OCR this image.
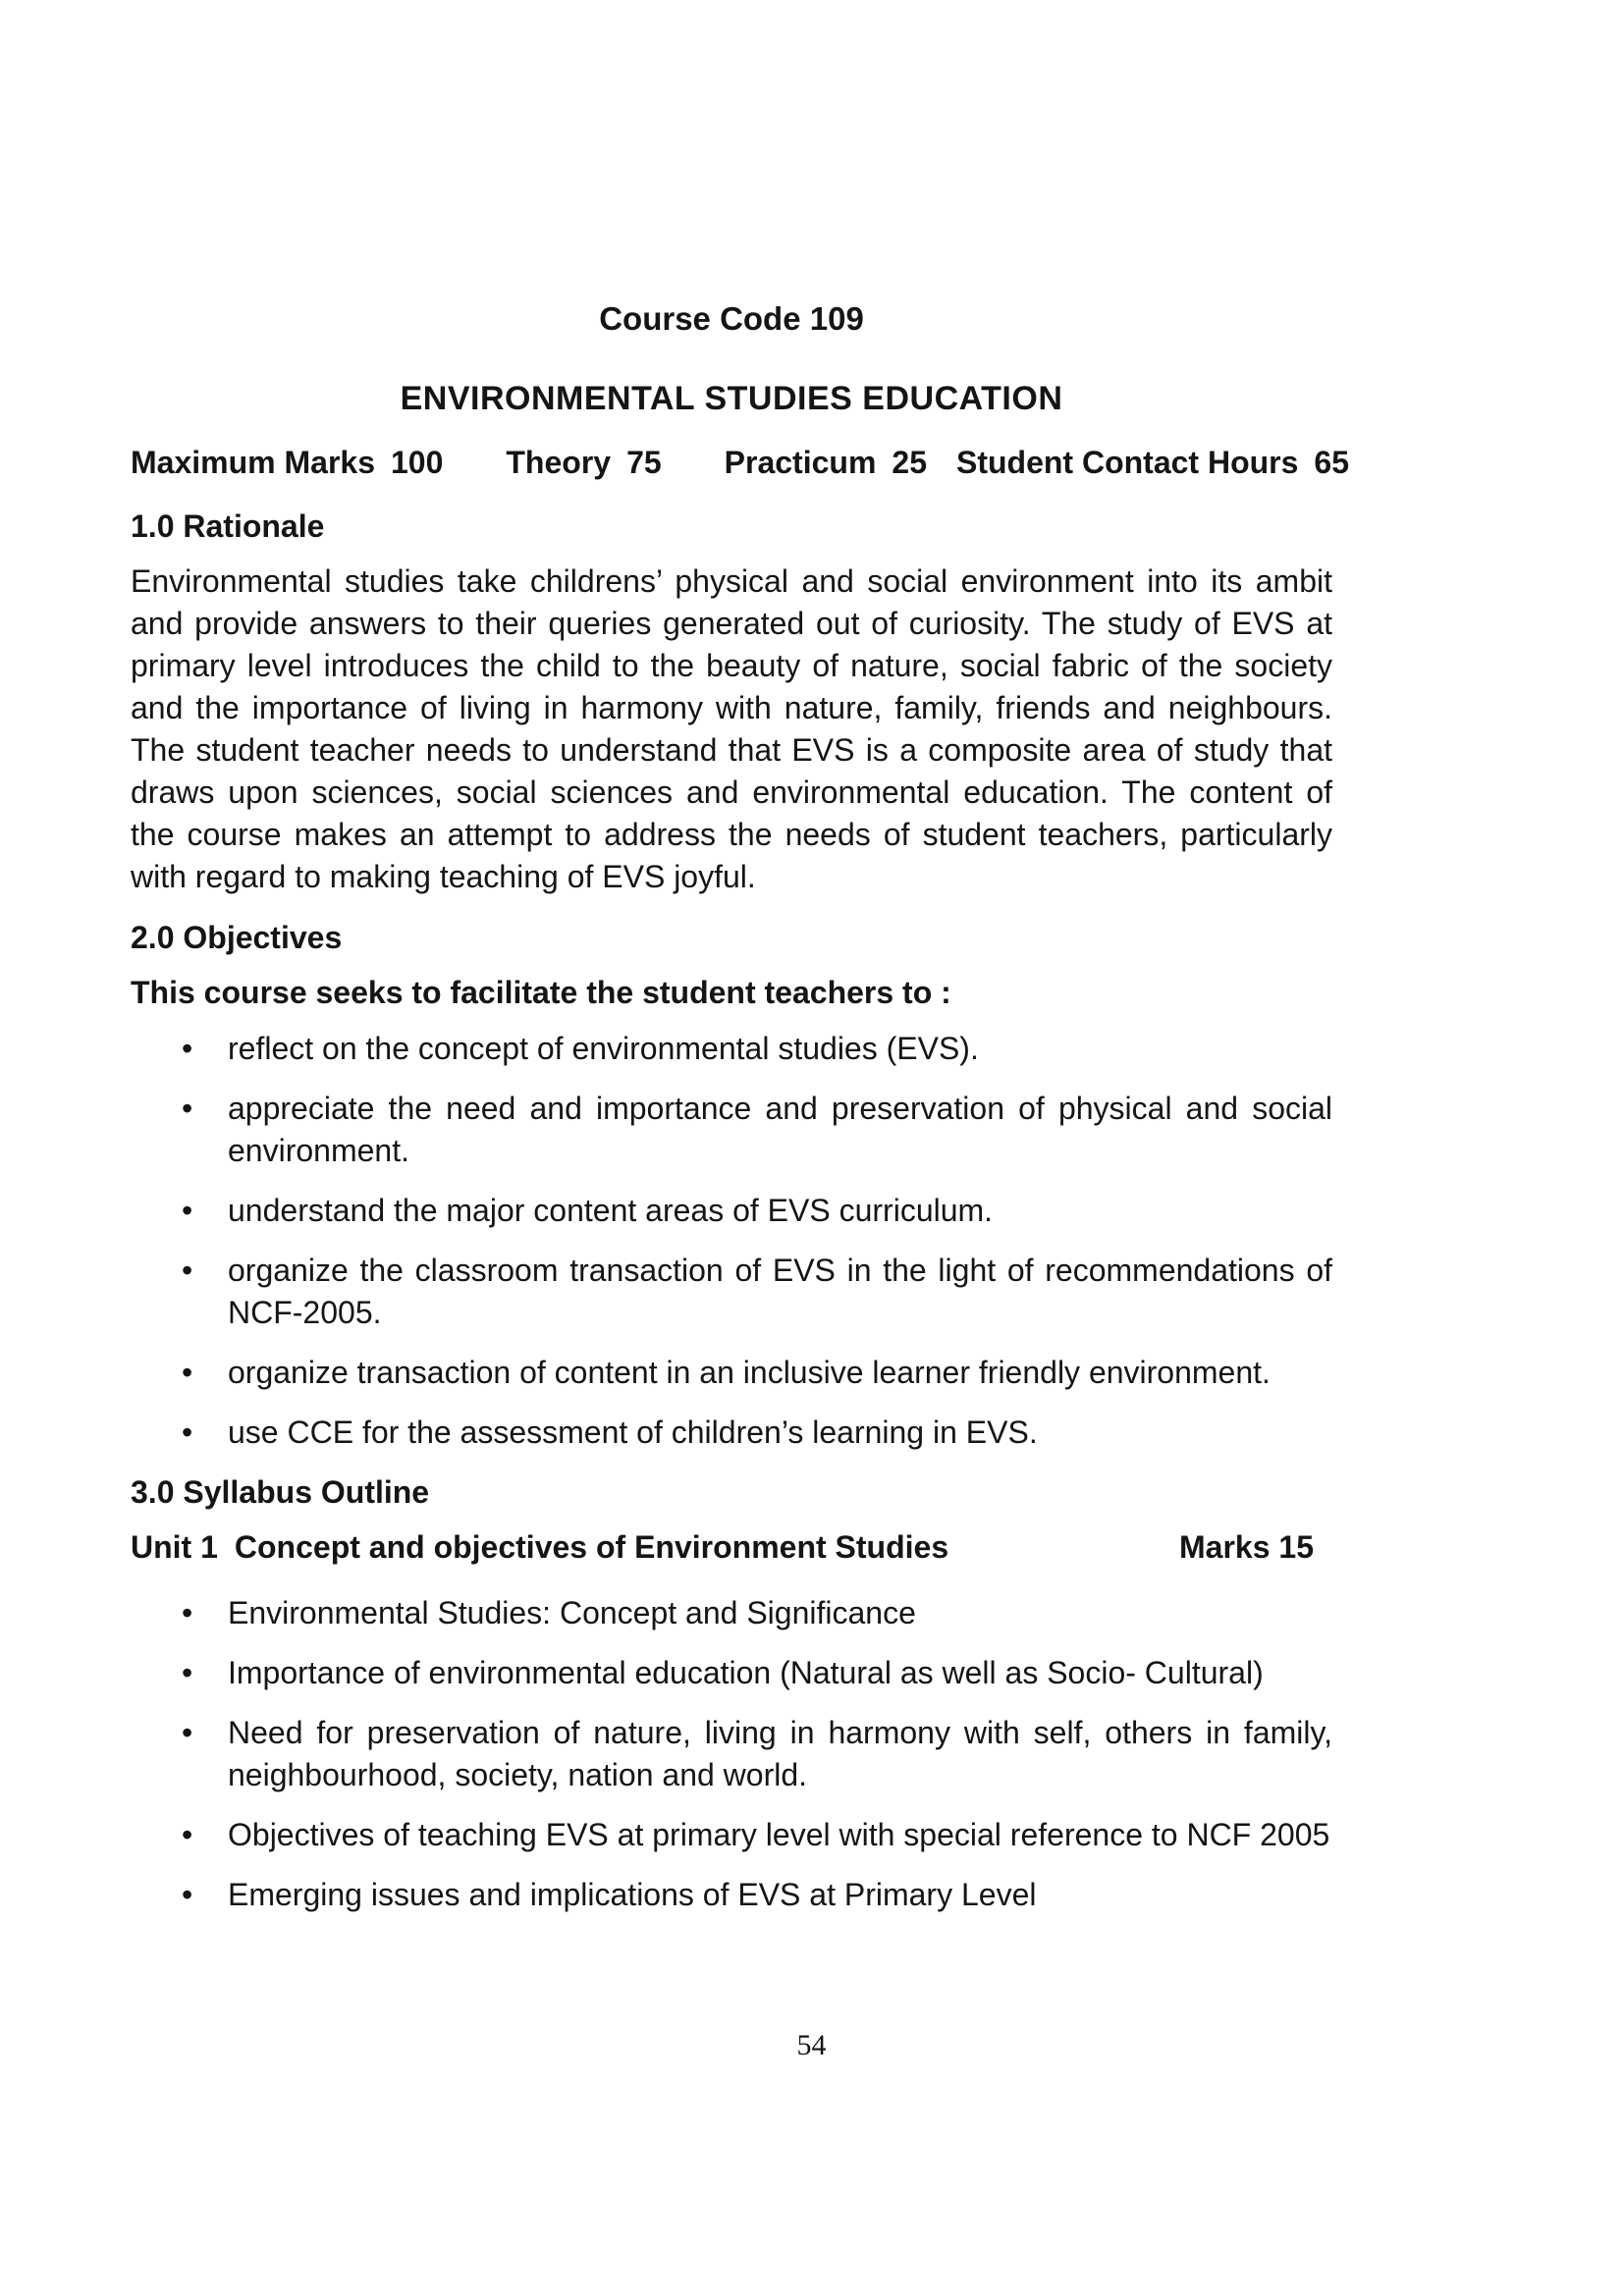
Course Code 109
ENVIRONMENTAL STUDIES EDUCATION
Maximum Marks 100 Theory 75 Practicum 25 Student Contact Hours 65
1.0 Rationale

Environmental studies take childrens’ physical and social environment into its ambit and provide answers to their queries generated out of curiosity. The study of EVS at primary level introduces the child to the beauty of nature, social fabric of the society and the importance of living in harmony with nature, family, friends and neighbours. The student teacher needs to understand that EVS is a composite area of study that draws upon sciences, social sciences and environmental education. The content of the course makes an attempt to address the needs of student teachers, particularly with regard to making teaching of EVS joyful.

2.0 Objectives

This course seeks to facilitate the student teachers to :

• reflect on the concept of environmental studies (EVS).
• appreciate the need and importance and preservation of physical and social environment.
• understand the major content areas of EVS curriculum.
• organize the classroom transaction of EVS in the light of recommendations of NCF-2005.
• organize transaction of content in an inclusive learner friendly environment.
• use CCE for the assessment of children’s learning in EVS.
3.0 Syllabus Outline
Unit 1 Concept and objectives of Environment Studies	Marks 15
• Environmental Studies: Concept and Significance
• Importance of environmental education (Natural as well as Socio- Cultural)
• Need for preservation of nature, living in harmony with self, others in family, neighbourhood, society, nation and world.
• Objectives of teaching EVS at primary level with special reference to NCF 2005
• Emerging issues and implications of EVS at Primary Level
54
